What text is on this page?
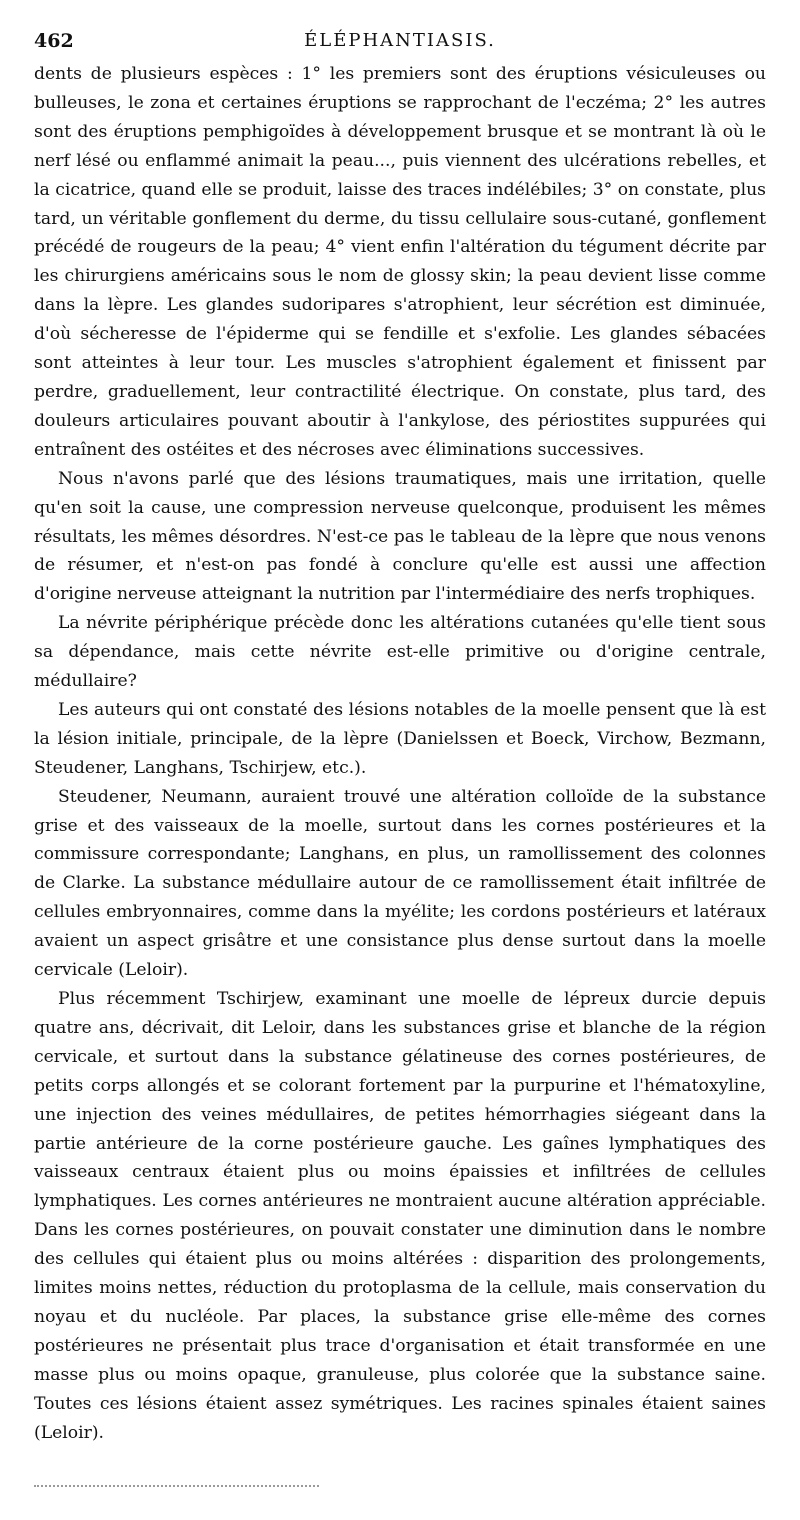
462	ÉLÉPHANTIASIS.

dents de plusieurs espèces : 1° les premiers sont des éruptions vésiculeuses ou bulleuses, le zona et certaines éruptions se rapprochant de l'eczéma; 2° les autres sont des éruptions pemphigoïdes à développement brusque et se montrant là où le nerf lésé ou enflammé animait la peau..., puis viennent des ulcérations rebelles, et la cicatrice, quand elle se produit, laisse des traces indélébiles; 3° on constate, plus tard, un véritable gonflement du derme, du tissu cellulaire sous-cutané, gonflement précédé de rougeurs de la peau; 4° vient enfin l'altération du tégument décrite par les chirurgiens américains sous le nom de glossy skin; la peau devient lisse comme dans la lèpre. Les glandes sudoripares s'atrophient, leur sécrétion est diminuée, d'où sécheresse de l'épiderme qui se fendille et s'exfolie. Les glandes sébacées sont atteintes à leur tour. Les muscles s'atrophient également et finissent par perdre, graduellement, leur contractilité électrique. On constate, plus tard, des douleurs articulaires pouvant aboutir à l'ankylose, des périostites suppurées qui entraînent des ostéites et des nécroses avec éliminations successives.

Nous n'avons parlé que des lésions traumatiques, mais une irritation, quelle qu'en soit la cause, une compression nerveuse quelconque, produisent les mêmes résultats, les mêmes désordres. N'est-ce pas le tableau de la lèpre que nous venons de résumer, et n'est-on pas fondé à conclure qu'elle est aussi une affection d'origine nerveuse atteignant la nutrition par l'intermédiaire des nerfs trophiques.

La névrite périphérique précède donc les altérations cutanées qu'elle tient sous sa dépendance, mais cette névrite est-elle primitive ou d'origine centrale, médullaire?

Les auteurs qui ont constaté des lésions notables de la moelle pensent que là est la lésion initiale, principale, de la lèpre (Danielssen et Boeck, Virchow, Bezmann, Steudener, Langhans, Tschirjew, etc.).

Steudener, Neumann, auraient trouvé une altération colloïde de la substance grise et des vaisseaux de la moelle, surtout dans les cornes postérieures et la commissure correspondante; Langhans, en plus, un ramollissement des colonnes de Clarke. La substance médullaire autour de ce ramollissement était infiltrée de cellules embryonnaires, comme dans la myélite; les cordons postérieurs et latéraux avaient un aspect grisâtre et une consistance plus dense surtout dans la moelle cervicale (Leloir).

Plus récemment Tschirjew, examinant une moelle de lépreux durcie depuis quatre ans, décrivait, dit Leloir, dans les substances grise et blanche de la région cervicale, et surtout dans la substance gélatineuse des cornes postérieures, de petits corps allongés et se colorant fortement par la purpurine et l'hématoxyline, une injection des veines médullaires, de petites hémorrhagies siégeant dans la partie antérieure de la corne postérieure gauche. Les gaînes lymphatiques des vaisseaux centraux étaient plus ou moins épaissies et infiltrées de cellules lymphatiques. Les cornes antérieures ne montraient aucune altération appréciable. Dans les cornes postérieures, on pouvait constater une diminution dans le nombre des cellules qui étaient plus ou moins altérées : disparition des prolongements, limites moins nettes, réduction du protoplasma de la cellule, mais conservation du noyau et du nucléole. Par places, la substance grise elle-même des cornes postérieures ne présentait plus trace d'organisation et était transformée en une masse plus ou moins opaque, granuleuse, plus colorée que la substance saine. Toutes ces lésions étaient assez symétriques. Les racines spinales étaient saines (Leloir).
